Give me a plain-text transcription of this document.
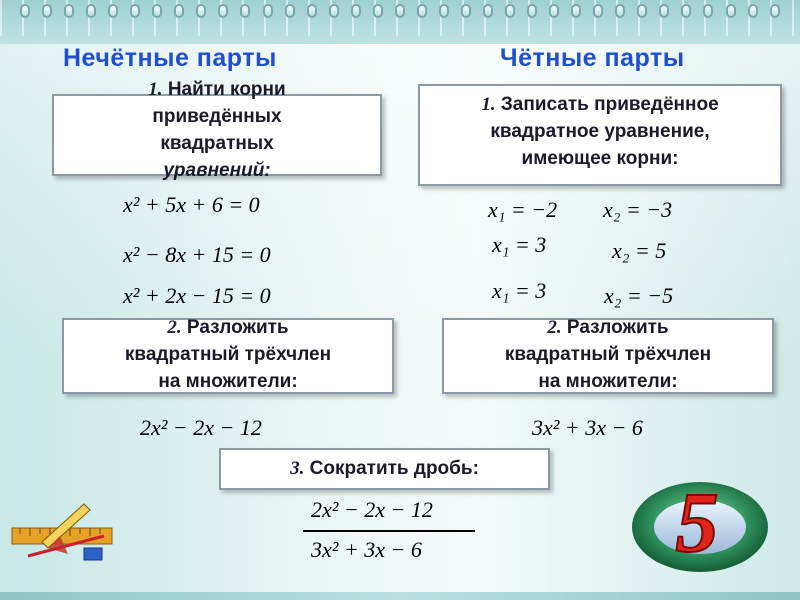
Нечётные парты	Чётные парты
1. Найти корни
приведённых
квадратных
уравнений:
x² + 5x + 6 = 0
x² − 8x + 15 = 0
x² + 2x − 15 = 0
1. Записать приведённое
квадратное уравнение,
имеющее корни:
x₁ = −2 x₂ = −3
x₁ = 3	x₂ = 5
x₁ = 3	x₂ = −5
2. Разложить
квадратный трёхчлен
на множители:
2x² − 2x − 12
2. Разложить
квадратный трёхчлен
на множители:
3x² + 3x − 6
3. Сократить дробь:
2x² − 2x − 12
3x² + 3x − 6	5
